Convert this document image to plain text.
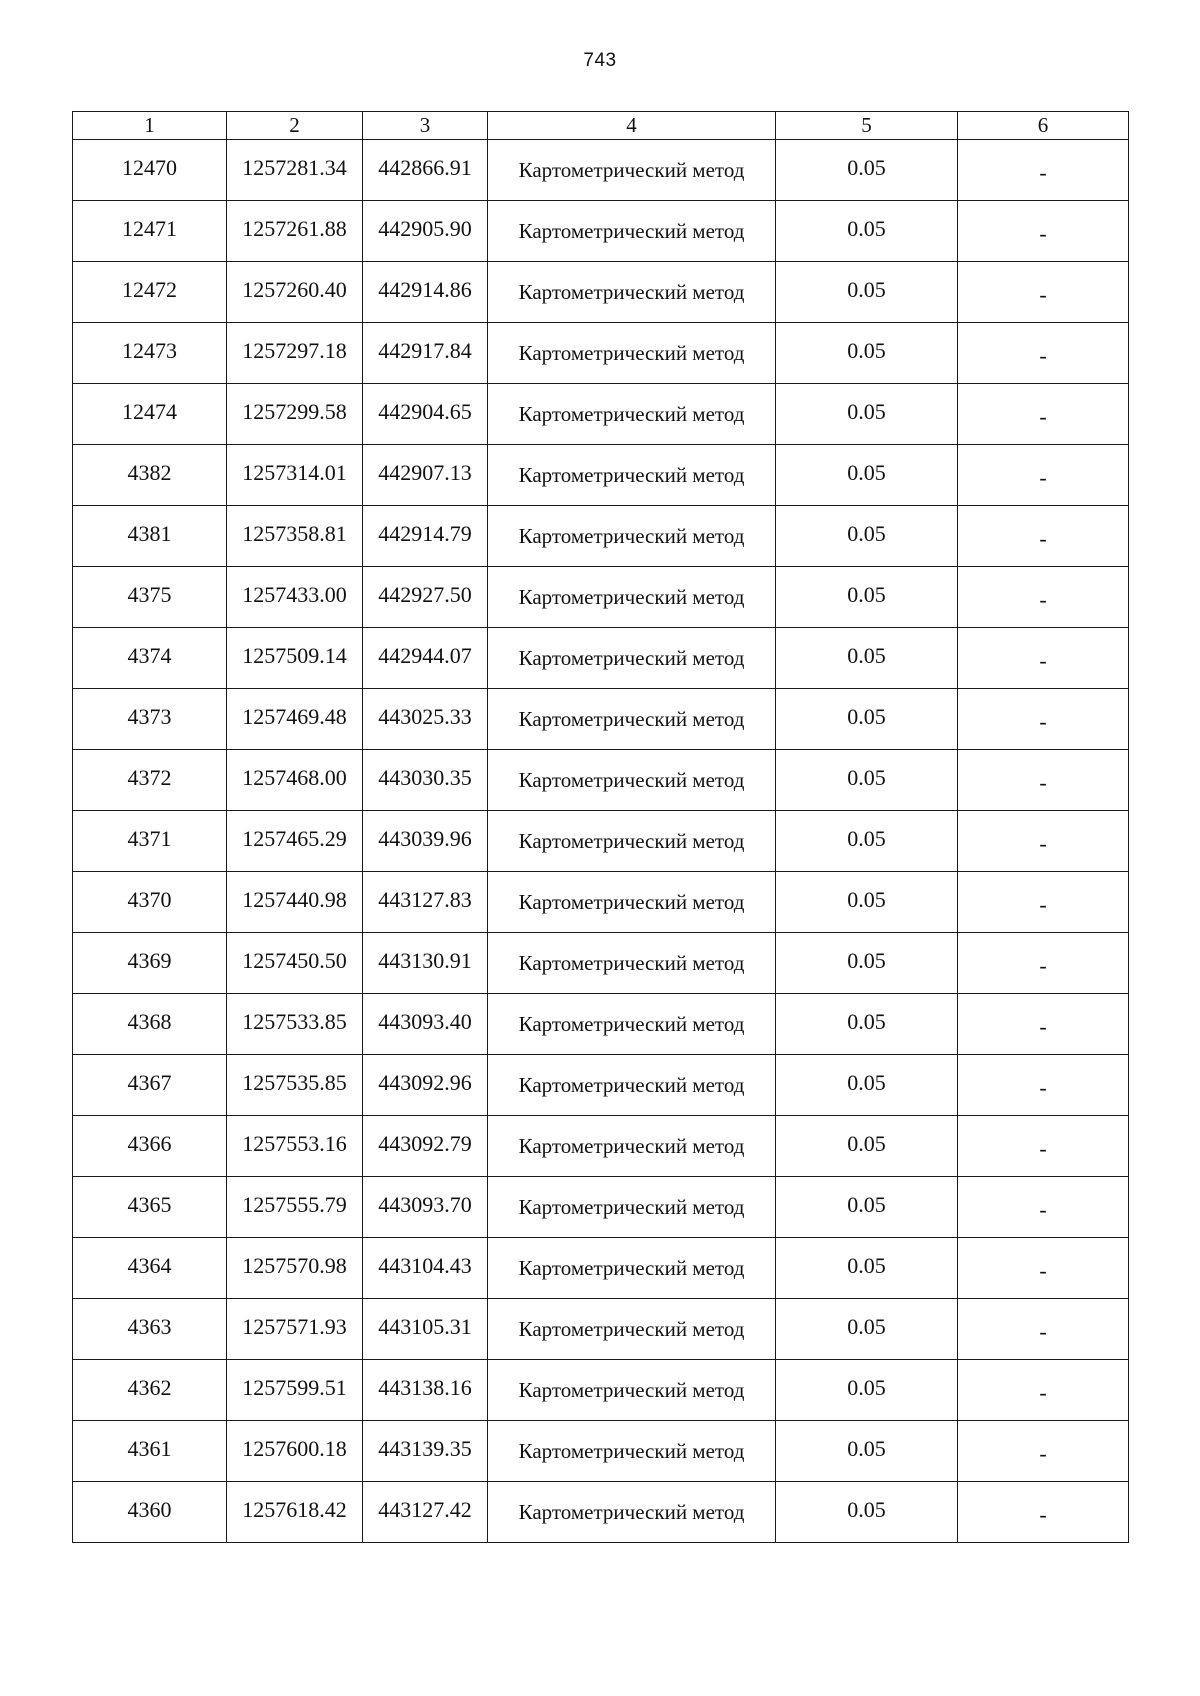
743
1	2	3	4	5	6
12470	1257281.34	442866.91	Картометрический метод	0.05	-
12471	1257261.88	442905.90	Картометрический метод	0.05	-
12472	1257260.40	442914.86	Картометрический метод	0.05	-
12473	1257297.18	442917.84	Картометрический метод	0.05	-
12474	1257299.58	442904.65	Картометрический метод	0.05	-
4382	1257314.01	442907.13	Картометрический метод	0.05	-
4381	1257358.81	442914.79	Картометрический метод	0.05	-
4375	1257433.00	442927.50	Картометрический метод	0.05	-
4374	1257509.14	442944.07	Картометрический метод	0.05	-
4373	1257469.48	443025.33	Картометрический метод	0.05	-
4372	1257468.00	443030.35	Картометрический метод	0.05	-
4371	1257465.29	443039.96	Картометрический метод	0.05	-
4370	1257440.98	443127.83	Картометрический метод	0.05	-
4369	1257450.50	443130.91	Картометрический метод	0.05	-
4368	1257533.85	443093.40	Картометрический метод	0.05	-
4367	1257535.85	443092.96	Картометрический метод	0.05	-
4366	1257553.16	443092.79	Картометрический метод	0.05	-
4365	1257555.79	443093.70	Картометрический метод	0.05	-
4364	1257570.98	443104.43	Картометрический метод	0.05	-
4363	1257571.93	443105.31	Картометрический метод	0.05	-
4362	1257599.51	443138.16	Картометрический метод	0.05	-
4361	1257600.18	443139.35	Картометрический метод	0.05	-
4360	1257618.42	443127.42	Картометрический метод	0.05	-
